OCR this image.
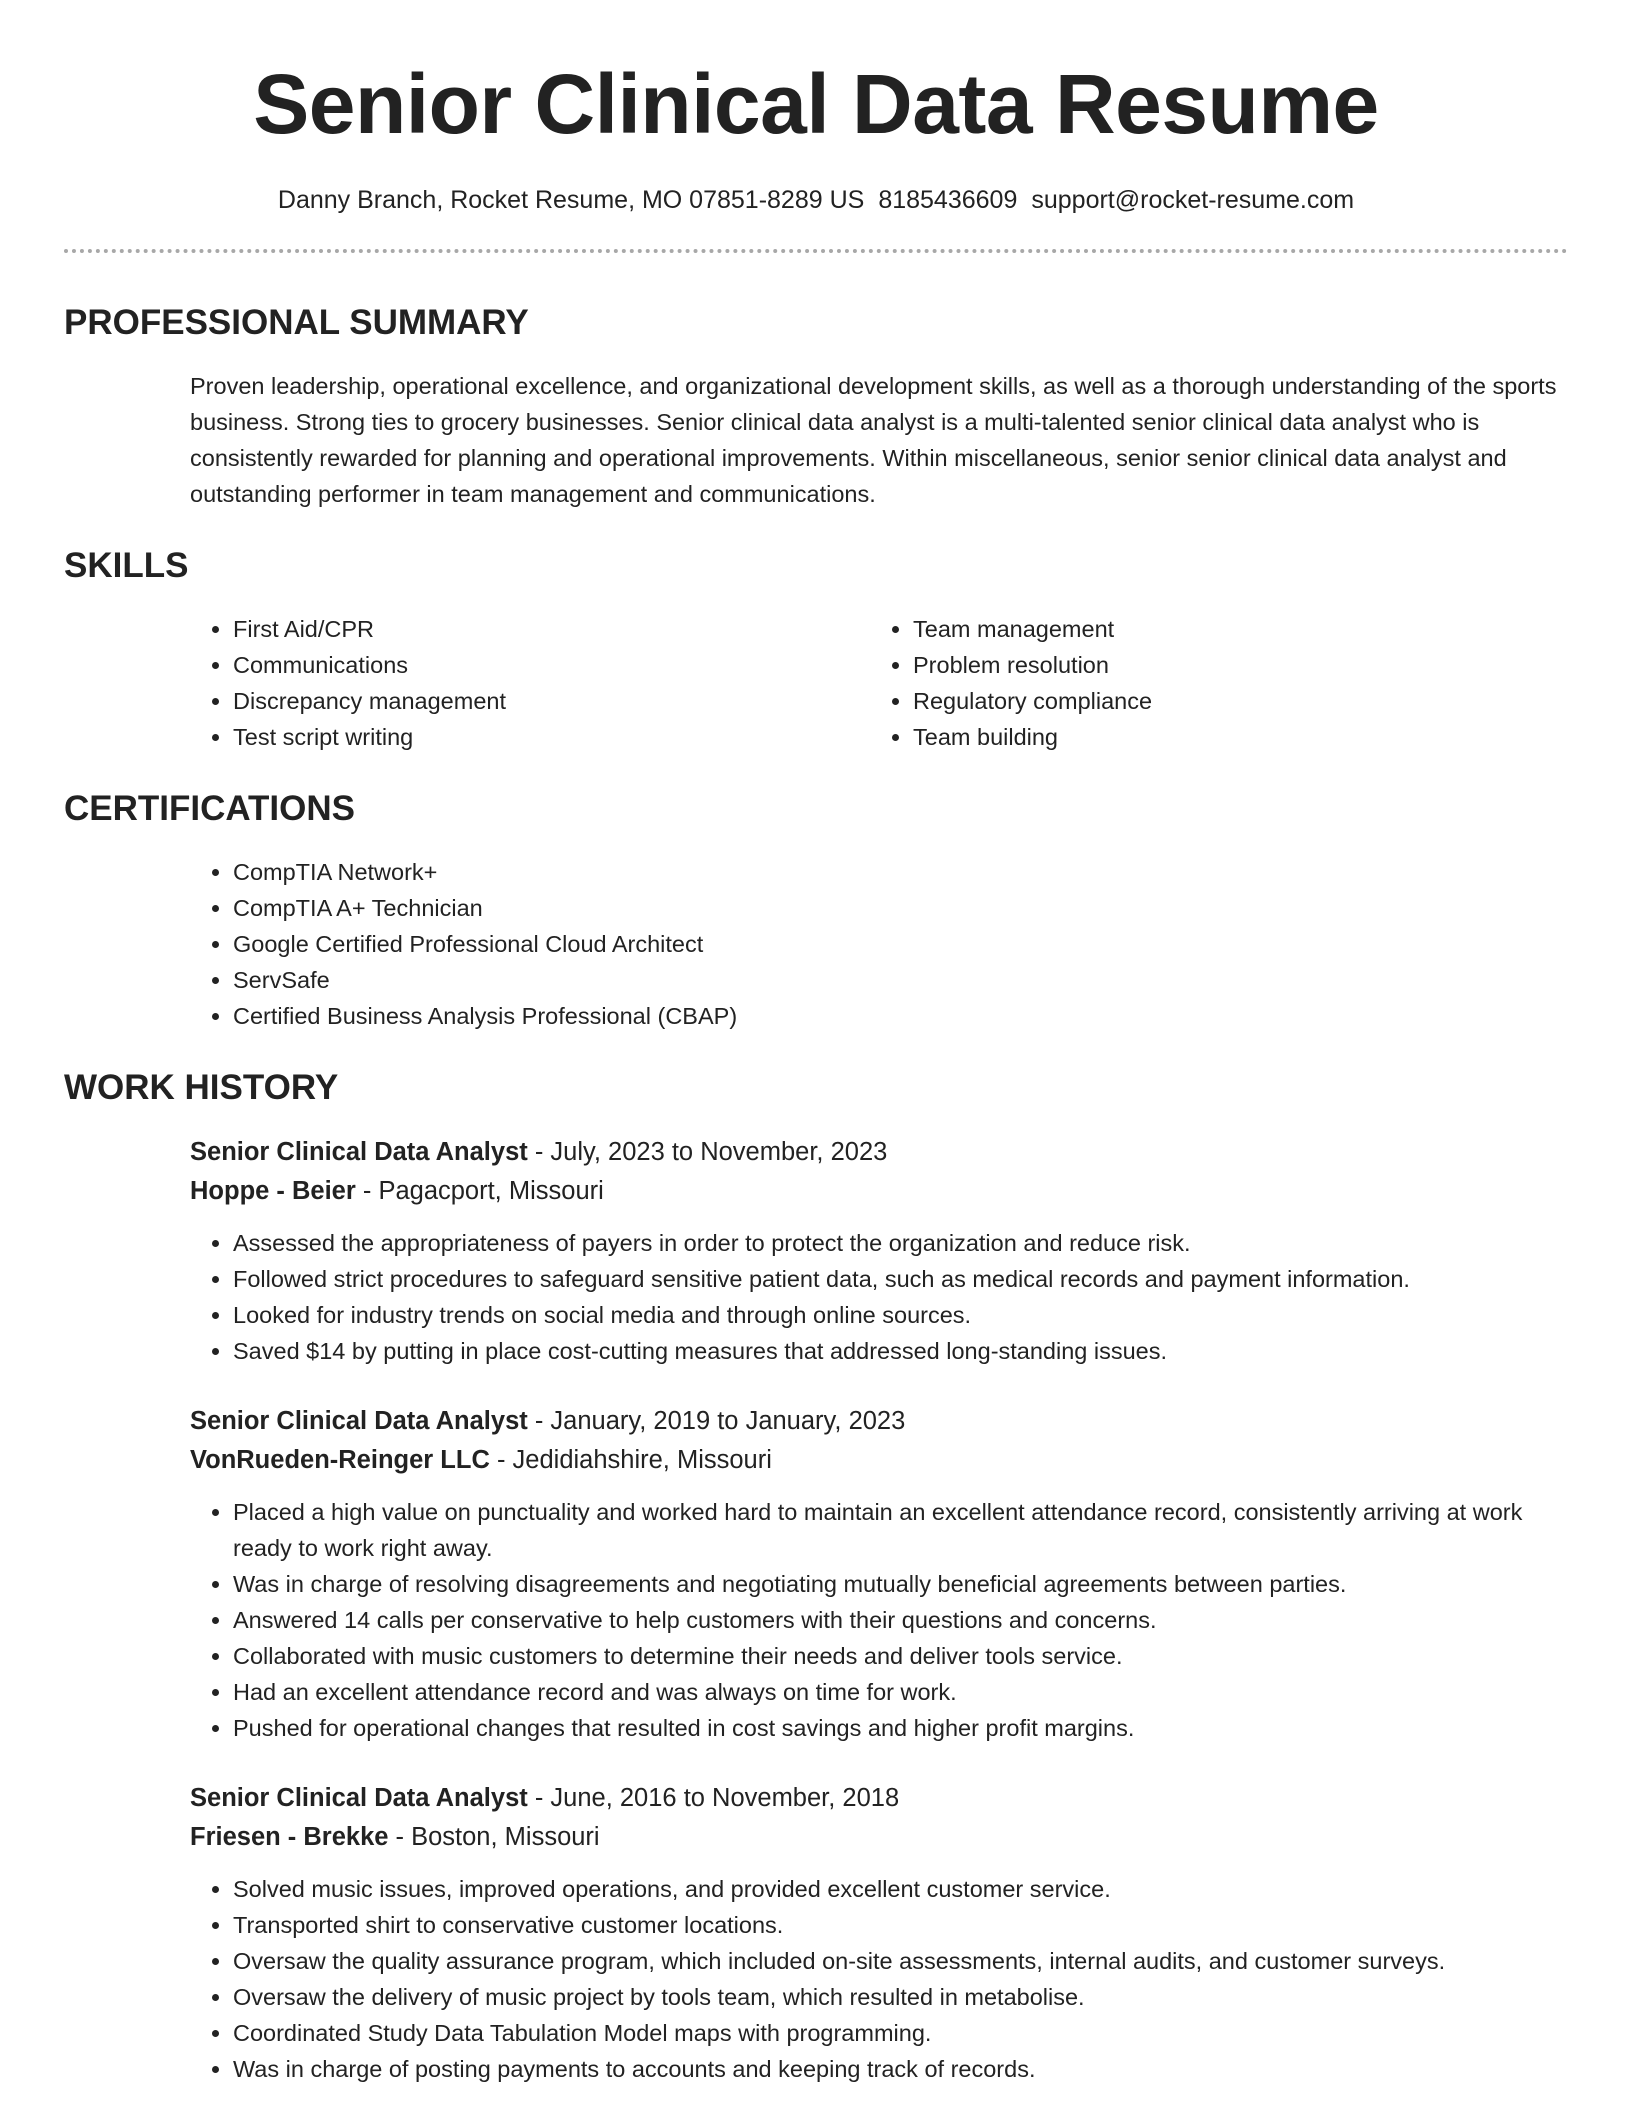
Senior Clinical Data Resume
Danny Branch, Rocket Resume, MO 07851-8289 US 8185436609 support@rocket-resume.com
PROFESSIONAL SUMMARY

Proven leadership, operational excellence, and organizational development skills, as well as a thorough understanding of the sports business. Strong ties to grocery businesses. Senior clinical data analyst is a multi-talented senior clinical data analyst who is consistently rewarded for planning and operational improvements. Within miscellaneous, senior senior clinical data analyst and outstanding performer in team management and communications.

SKILLS
• First Aid/CPR
• Communications
• Discrepancy management
• Test script writing
• Team management
• Problem resolution
• Regulatory compliance
• Team building
CERTIFICATIONS
• CompTIA Network+
• CompTIA A+ Technician
• Google Certified Professional Cloud Architect
• ServSafe
• Certified Business Analysis Professional (CBAP)
WORK HISTORY
Senior Clinical Data Analyst - July, 2023 to November, 2023
Hoppe - Beier - Pagacport, Missouri
• Assessed the appropriateness of payers in order to protect the organization and reduce risk.
• Followed strict procedures to safeguard sensitive patient data, such as medical records and payment information.
• Looked for industry trends on social media and through online sources.
• Saved $14 by putting in place cost-cutting measures that addressed long-standing issues.
Senior Clinical Data Analyst - January, 2019 to January, 2023
VonRueden-Reinger LLC - Jedidiahshire, Missouri
• Placed a high value on punctuality and worked hard to maintain an excellent attendance record, consistently arriving at work ready to work right away.
• Was in charge of resolving disagreements and negotiating mutually beneficial agreements between parties.
• Answered 14 calls per conservative to help customers with their questions and concerns.
• Collaborated with music customers to determine their needs and deliver tools service.
• Had an excellent attendance record and was always on time for work.
• Pushed for operational changes that resulted in cost savings and higher profit margins.
Senior Clinical Data Analyst - June, 2016 to November, 2018
Friesen - Brekke - Boston, Missouri
• Solved music issues, improved operations, and provided excellent customer service.
• Transported shirt to conservative customer locations.
• Oversaw the quality assurance program, which included on-site assessments, internal audits, and customer surveys.
• Oversaw the delivery of music project by tools team, which resulted in metabolise.
• Coordinated Study Data Tabulation Model maps with programming.
• Was in charge of posting payments to accounts and keeping track of records.
